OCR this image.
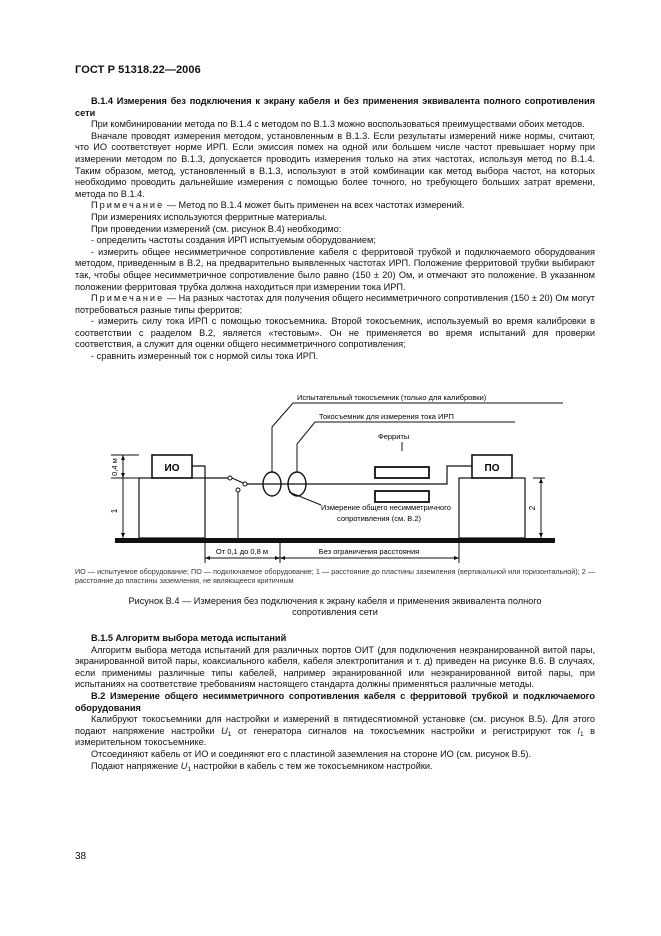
ГОСТ Р 51318.22—2006

В.1.4 Измерения без подключения к экрану кабеля и без применения эквивалента полного сопротивления сети

При комбинировании метода по В.1.4 с методом по В.1.3 можно воспользоваться преимуществами обоих методов.

Вначале проводят измерения методом, установленным в В.1.3. Если результаты измерений ниже нормы, считают, что ИО соответствует норме ИРП. Если эмиссия помех на одной или большем числе частот превышает норму при измерении методом по В.1.3, допускается проводить измерения только на этих частотах, используя метод по В.1.4. Таким образом, метод, установленный в В.1.3, используют в этой комбинации как метод выбора частот, на которых необходимо проводить дальнейшие измерения с помощью более точного, но требующего больших затрат времени, метода по В.1.4.

Примечание — Метод по В.1.4 может быть применен на всех частотах измерений.

При измерениях используются ферритные материалы.

При проведении измерений (см. рисунок В.4) необходимо:

- определить частоты создания ИРП испытуемым оборудованием;

- измерить общее несимметричное сопротивление кабеля с ферритовой трубкой и подключаемого оборудования методом, приведенным в В.2, на предварительно выявленных частотах ИРП. Положение ферритовой трубки выбирают так, чтобы общее несимметричное сопротивление было равно (150 ± 20) Ом, и отмечают это положение. В указанном положении ферритовая трубка должна находиться при измерении тока ИРП.

Примечание — На разных частотах для получения общего несимметричного сопротивления (150 ± 20) Ом могут потребоваться разные типы ферритов;

- измерить силу тока ИРП с помощью токосъемника. Второй токосъемник, используемый во время калибровки в соответствии с разделом В.2, является «тестовым». Он не применяется во время испытаний для проверки соответствия, а служит для оценки общего несимметричного сопротивления;

- сравнить измеренный ток с нормой силы тока ИРП.

ИО	ПО
Испытательный токосъемник (только для калибровки)
Токосъемник для измерения тока ИРП
Ферриты
Измерение общего несимметричного
сопротивления (см. В.2)
0,4 м
1
2
От 0,1 до 0,8 м	Без ограничения расстояния

ИО — испытуемое оборудование; ПО — подключаемое оборудование; 1 — расстояние до пластины заземления (вертикальной или горизонтальной); 2 — расстояние до пластины заземления, не являющееся критичным

Рисунок В.4 — Измерения без подключения к экрану кабеля и применения эквивалента полного сопротивления сети

В.1.5 Алгоритм выбора метода испытаний

Алгоритм выбора метода испытаний для различных портов ОИТ (для подключения неэкранированной витой пары, экранированной витой пары, коаксиального кабеля, кабеля электропитания и т. д) приведен на рисунке В.6. В случаях, если применимы различные типы кабелей, например экранированной или неэкранированной витой пары, при испытаниях на соответствие требованиям настоящего стандарта должны применяться различные методы.

В.2 Измерение общего несимметричного сопротивления кабеля с ферритовой трубкой и подключаемого оборудования

Калибруют токосъемники для настройки и измерений в пятидесятиомной установке (см. рисунок В.5). Для этого подают напряжение настройки $U_1$ от генератора сигналов на токосъемник настройки и регистрируют ток $I_1$ в измерительном токосъемнике.

Отсоединяют кабель от ИО и соединяют его с пластиной заземления на стороне ИО (см. рисунок В.5).

Подают напряжение $U_1$ настройки в кабель с тем же токосъемником настройки.

38
